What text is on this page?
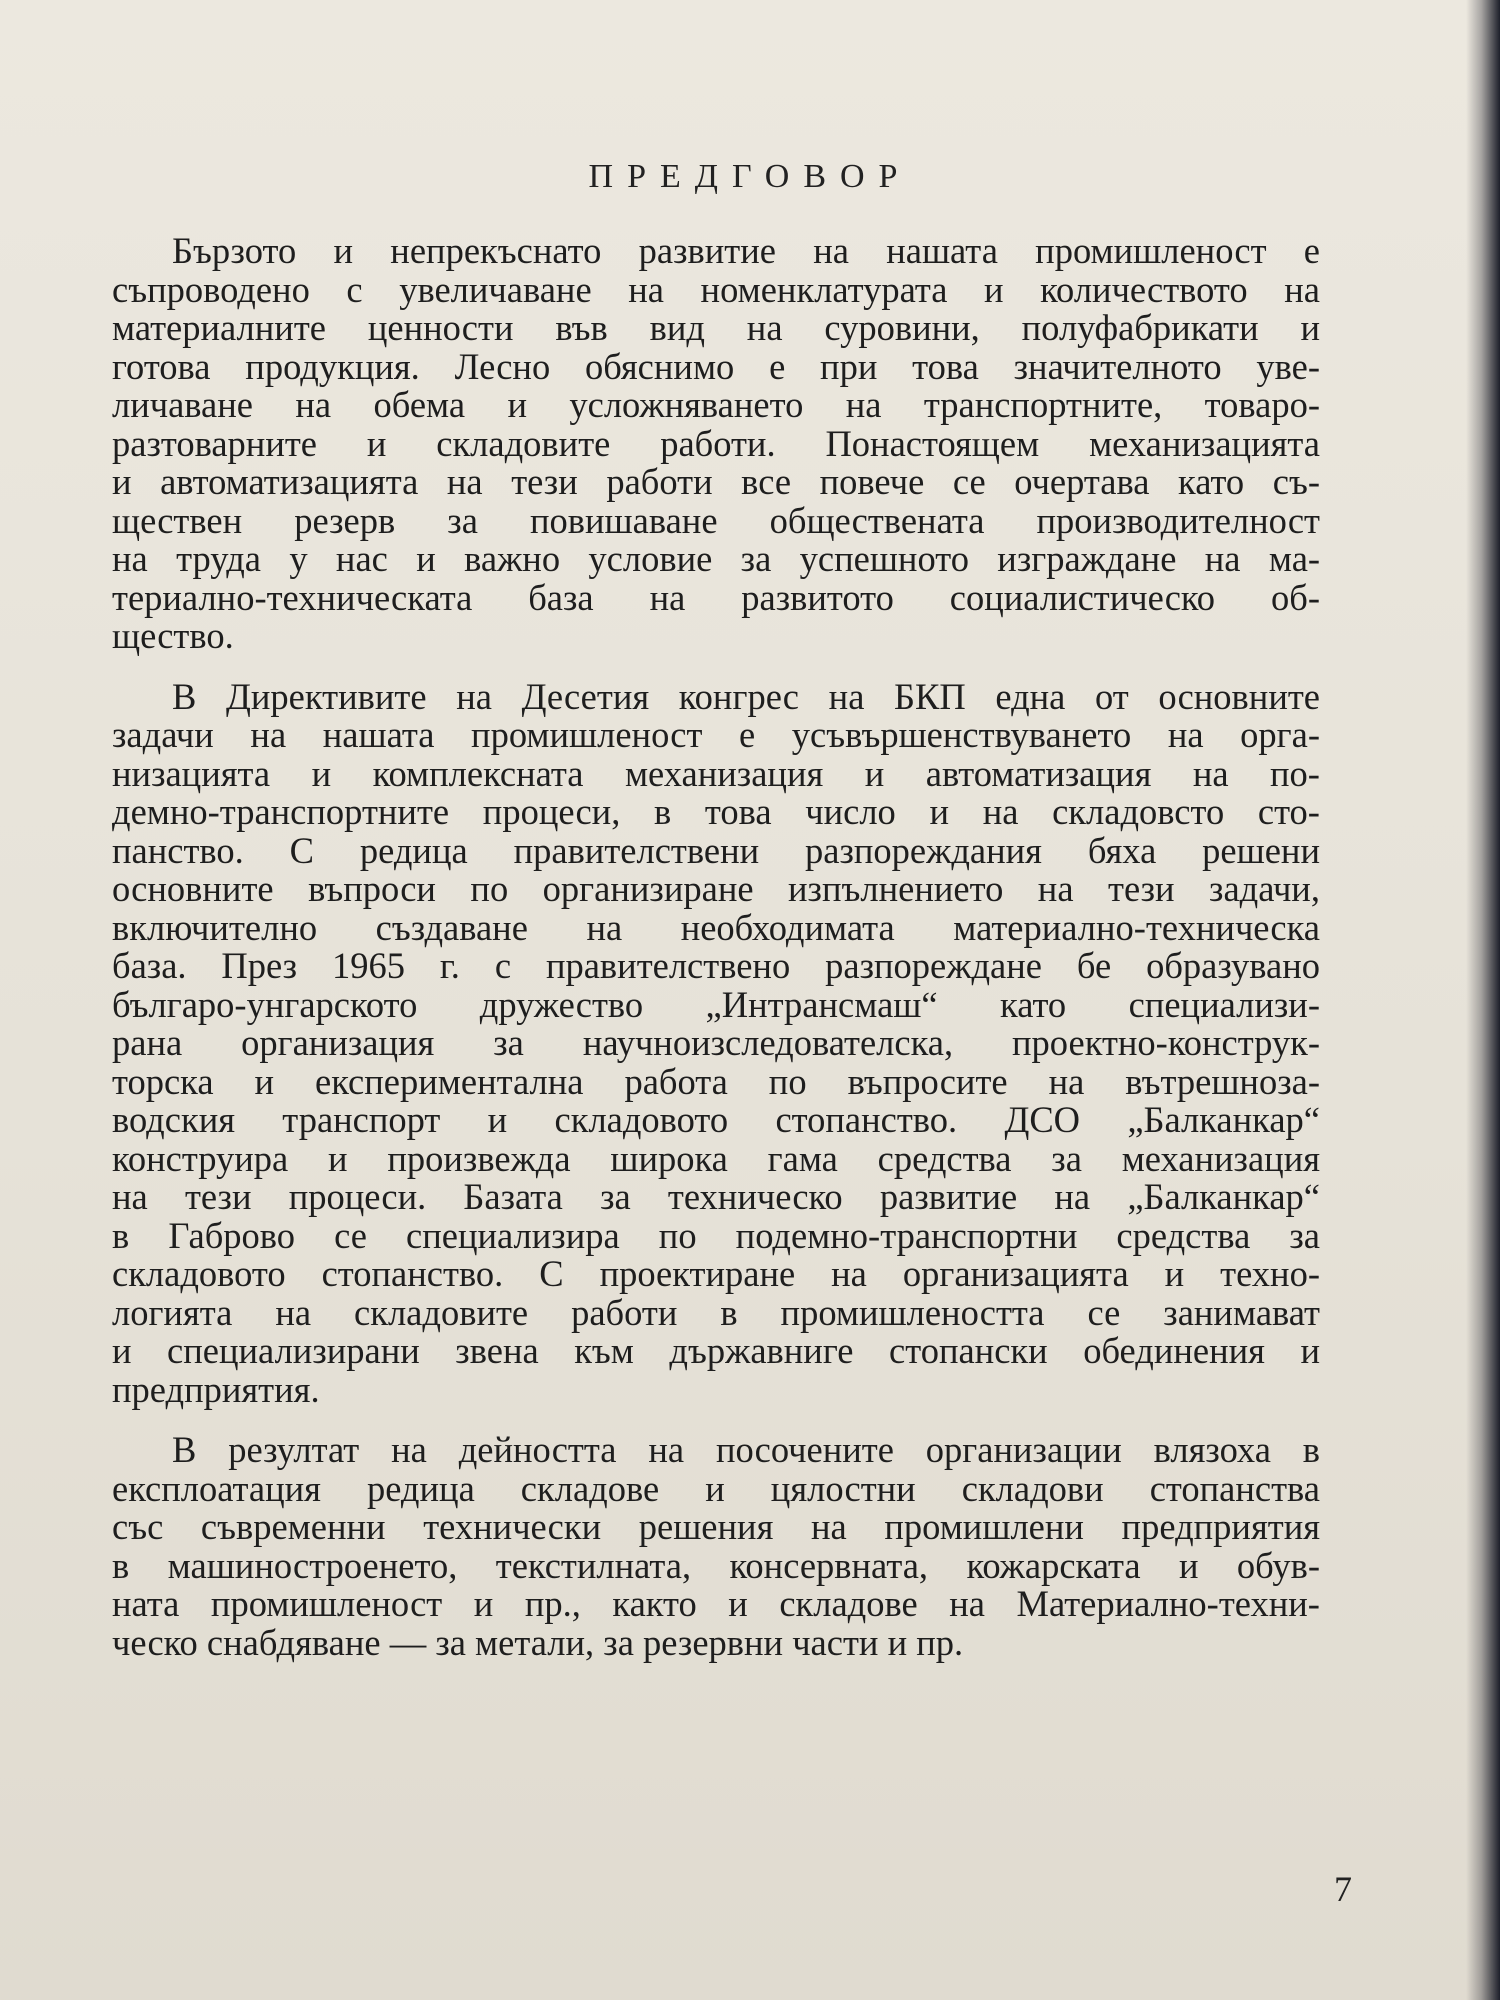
ПРЕДГОВОР

Бързото и непрекъснато развитие на нашата промишленост е
съпроводено с увеличаване на номенклатурата и количеството на
материалните ценности във вид на суровини, полуфабрикати и
готова продукция. Лесно обяснимо е при това значителното уве-
личаване на обема и усложняването на транспортните, товаро-
разтоварните и складовите работи. Понастоящем механизацията
и автоматизацията на тези работи все повече се очертава като съ-
ществен резерв за повишаване обществената производителност
на труда у нас и важно условие за успешното изграждане на ма-
териално-техническата база на развитото социалистическо об-
щество.

В Директивите на Десетия конгрес на БКП една от основните
задачи на нашата промишленост е усъвършенствуването на орга-
низацията и комплексната механизация и автоматизация на по-
демно-транспортните процеси, в това число и на складовсто сто-
панство. С редица правителствени разпореждания бяха решени
основните въпроси по организиране изпълнението на тези задачи,
включително създаване на необходимата материално-техническа
база. През 1965 г. с правителствено разпореждане бе образувано
българо-унгарското дружество „Интрансмаш“ като специализи-
рана организация за научноизследователска, проектно-конструк-
торска и експериментална работа по въпросите на вътрешноза-
водския транспорт и складовото стопанство. ДСО „Балканкар“
конструира и произвежда широка гама средства за механизация
на тези процеси. Базата за техническо развитие на „Балканкар“
в Габрово се специализира по подемно-транспортни средства за
складовото стопанство. С проектиране на организацията и техно-
логията на складовите работи в промишлеността се занимават
и специализирани звена към държавниге стопански обединения и
предприятия.

В резултат на дейността на посочените организации влязоха в
експлоатация редица складове и цялостни складови стопанства
със съвременни технически решения на промишлени предприятия
в машиностроенето, текстилната, консервната, кожарската и обув-
ната промишленост и пр., както и складове на Материално-техни-
ческо снабдяване — за метали, за резервни части и пр.

7
